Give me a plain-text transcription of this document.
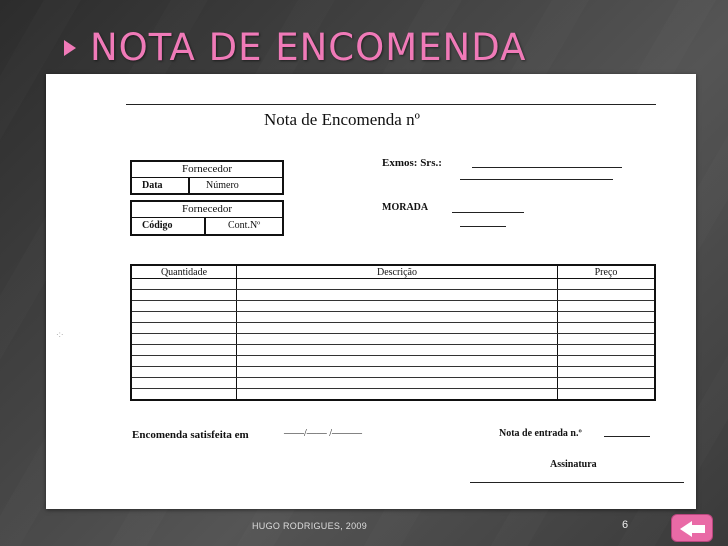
NOTA DE ENCOMENDA
Nota de Encomenda nº
Fornecedor
Data	Número
Fornecedor
Código	Cont.Nº
Exmos: Srs.:
MORADA
Quantidade	Descrição	Preço

Encomenda satisfeita em	——/—— /———	Nota de entrada n.º
Assinatura
·:·
HUGO RODRIGUES, 2009	6
